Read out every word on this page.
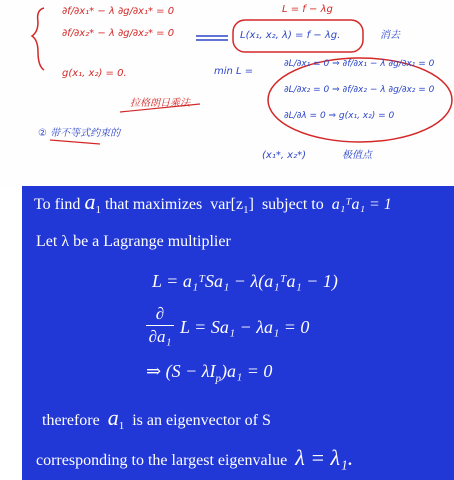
∂f/∂x₁* − λ ∂g/∂x₁* = 0
∂f/∂x₂* − λ ∂g/∂x₂* = 0
g(x₁, x₂) = 0.
L = f − λg
消去
L(x₁, x₂, λ) = f − λg.
min L =
∂L/∂x₁ = 0 ⇒ ∂f/∂x₁ − λ ∂g/∂x₁ = 0
∂L/∂x₂ = 0 ⇒ ∂f/∂x₂ − λ ∂g/∂x₂ = 0
∂L/∂λ = 0 ⇒ g(x₁, x₂) = 0
拉格朗日乘法
② 带不等式约束的
(x₁*, x₂*)	极值点
To find $a_1$ that maximizes $var[z_1]$ subject to a₁ᵀa₁ = 1
Let λ be a Lagrange multiplier
L = a₁ᵀSa₁ − λ(a₁ᵀa₁ − 1)
∂
∂a₁ L = Sa₁ − λa₁ = 0
⇒ $(S - \lambda I_p)a_1 = 0$
therefore $a_1$ is an eigenvector of S
corresponding to the largest eigenvalue λ = λ₁.
